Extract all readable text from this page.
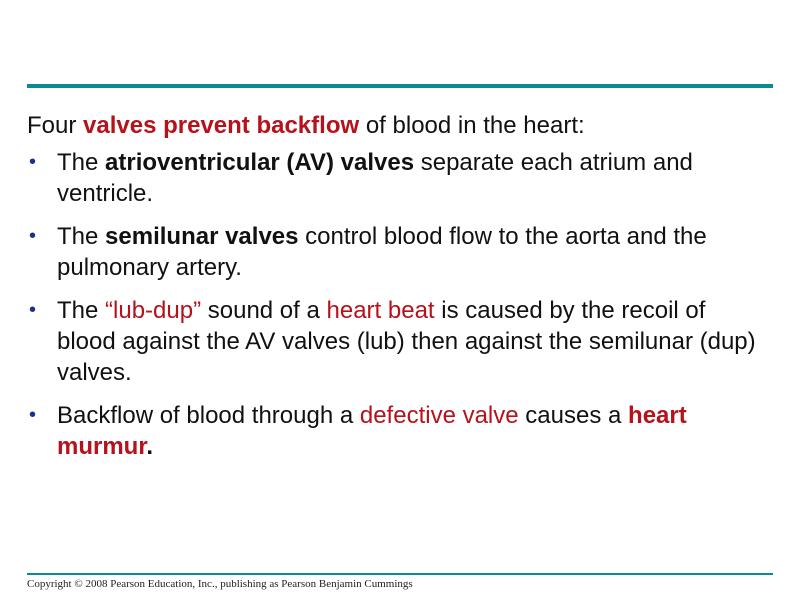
Four valves prevent backflow of blood in the heart:

• The atrioventricular (AV) valves separate each atrium and ventricle.
• The semilunar valves control blood flow to the aorta and the pulmonary artery.
• The “lub-dup” sound of a heart beat is caused by the recoil of blood against the AV valves (lub) then against the semilunar (dup) valves.
• Backflow of blood through a defective valve causes a heart murmur.
Copyright © 2008 Pearson Education, Inc., publishing as Pearson Benjamin Cummings
